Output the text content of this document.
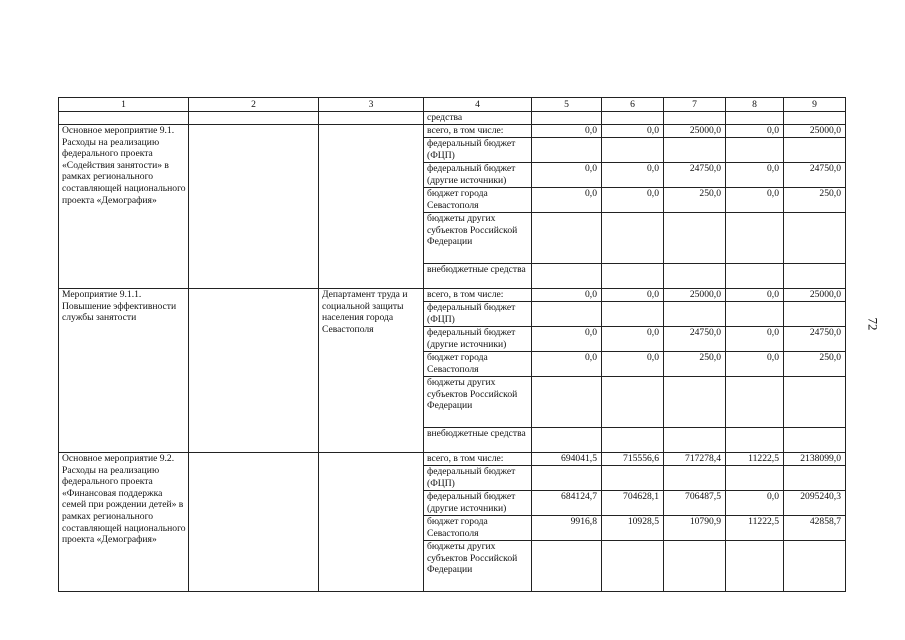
72
1	2	3	4	5	6	7	8	9
			средства					
Основное мероприятие 9.1. Расходы на реализацию федерального проекта «Содействия занятости» в рамках регионального составляющей национального проекта «Демография»			всего, в том числе:	0,0	0,0	25000,0	0,0	25000,0
			федеральный бюджет (ФЦП)					
			федеральный бюджет (другие источники)	0,0	0,0	24750,0	0,0	24750,0
			бюджет города Севастополя	0,0	0,0	250,0	0,0	250,0
			бюджеты других субъектов Российской Федерации					
			внебюджетные средства					
Мероприятие 9.1.1. Повышение эффективности службы занятости		Департамент труда и социальной защиты населения города Севастополя	всего, в том числе:	0,0	0,0	25000,0	0,0	25000,0
			федеральный бюджет (ФЦП)					
			федеральный бюджет (другие источники)	0,0	0,0	24750,0	0,0	24750,0
			бюджет города Севастополя	0,0	0,0	250,0	0,0	250,0
			бюджеты других субъектов Российской Федерации					
			внебюджетные средства					
Основное мероприятие 9.2. Расходы на реализацию федерального проекта «Финансовая поддержка семей при рождении детей» в рамках регионального составляющей национального проекта «Демография»			всего, в том числе:	694041,5	715556,6	717278,4	11222,5	2138099,0
			федеральный бюджет (ФЦП)					
			федеральный бюджет (другие источники)	684124,7	704628,1	706487,5	0,0	2095240,3
			бюджет города Севастополя	9916,8	10928,5	10790,9	11222,5	42858,7
			бюджеты других субъектов Российской Федерации					
